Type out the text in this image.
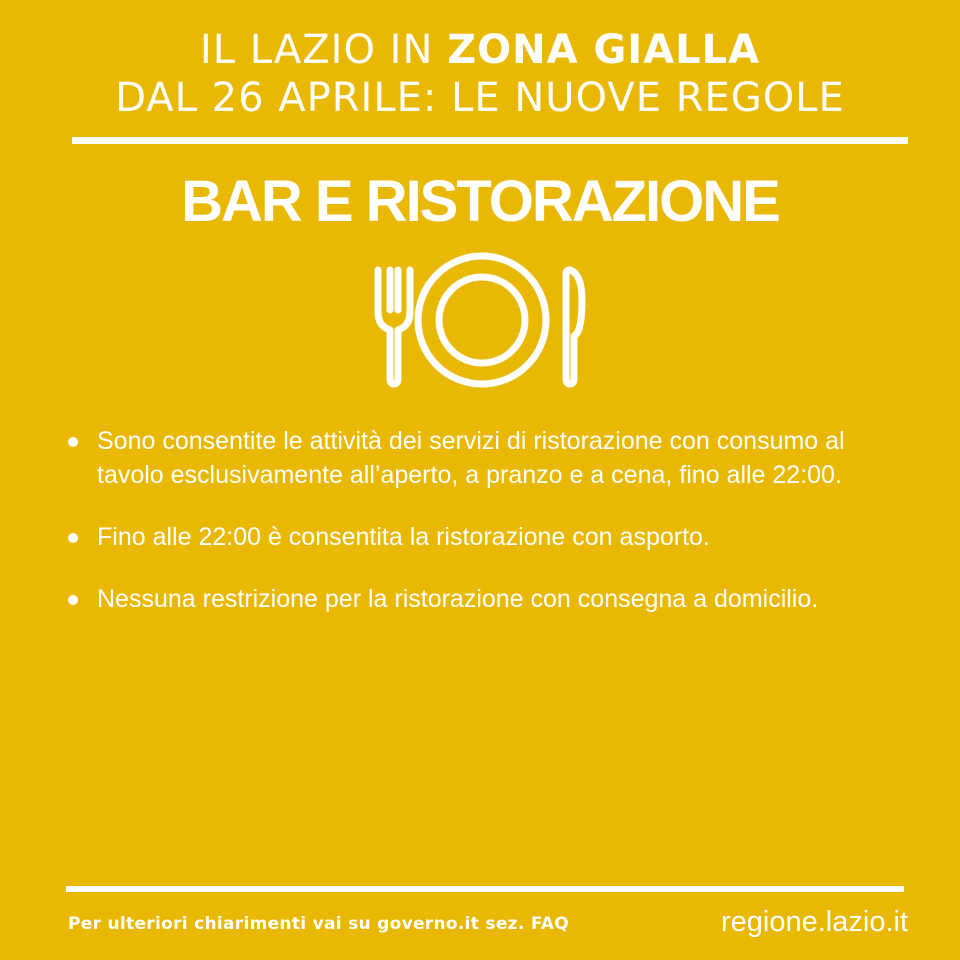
IL LAZIO IN ZONA GIALLA
DAL 26 APRILE: LE NUOVE REGOLE
BAR E RISTORAZIONE
Sono consentite le attività dei servizi di ristorazione con consumo al tavolo esclusivamente all’aperto, a pranzo e a cena, fino alle 22:00.
Fino alle 22:00 è consentita la ristorazione con asporto.
Nessuna restrizione per la ristorazione con consegna a domicilio.
Per ulteriori chiarimenti vai su governo.it sez. FAQ	regione.lazio.it
